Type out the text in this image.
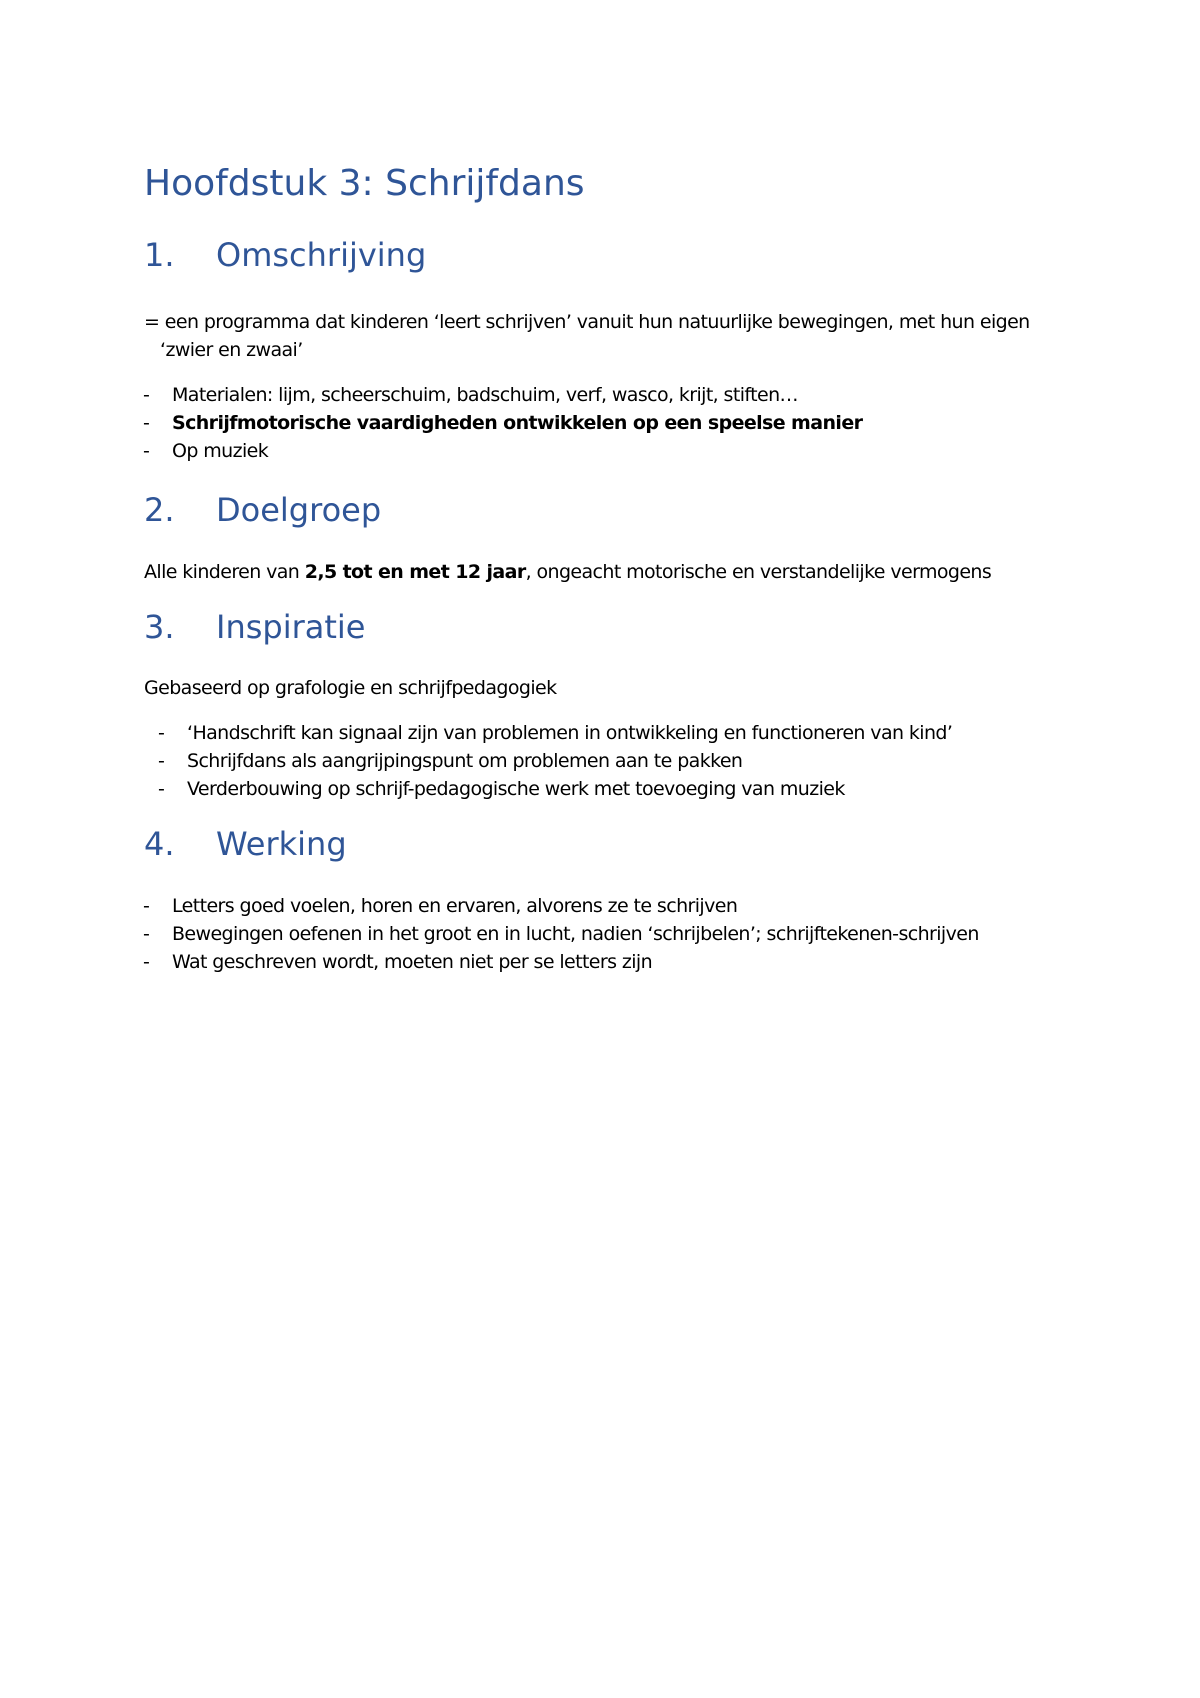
Hoofdstuk 3: Schrijfdans
1. Omschrijving

= een programma dat kinderen ‘leert schrijven’ vanuit hun natuurlijke bewegingen, met hun eigen

‘zwier en zwaai’

- Materialen: lijm, scheerschuim, badschuim, verf, wasco, krijt, stiften…
- Schrijfmotorische vaardigheden ontwikkelen op een speelse manier
- Op muziek
2. Doelgroep

Alle kinderen van 2,5 tot en met 12 jaar, ongeacht motorische en verstandelijke vermogens

3. Inspiratie

Gebaseerd op grafologie en schrijfpedagogiek

- ‘Handschrift kan signaal zijn van problemen in ontwikkeling en functioneren van kind’
- Schrijfdans als aangrijpingspunt om problemen aan te pakken
- Verderbouwing op schrijf-pedagogische werk met toevoeging van muziek
4. Werking
- Letters goed voelen, horen en ervaren, alvorens ze te schrijven
- Bewegingen oefenen in het groot en in lucht, nadien ‘schrijbelen’; schrijftekenen-schrijven
- Wat geschreven wordt, moeten niet per se letters zijn
